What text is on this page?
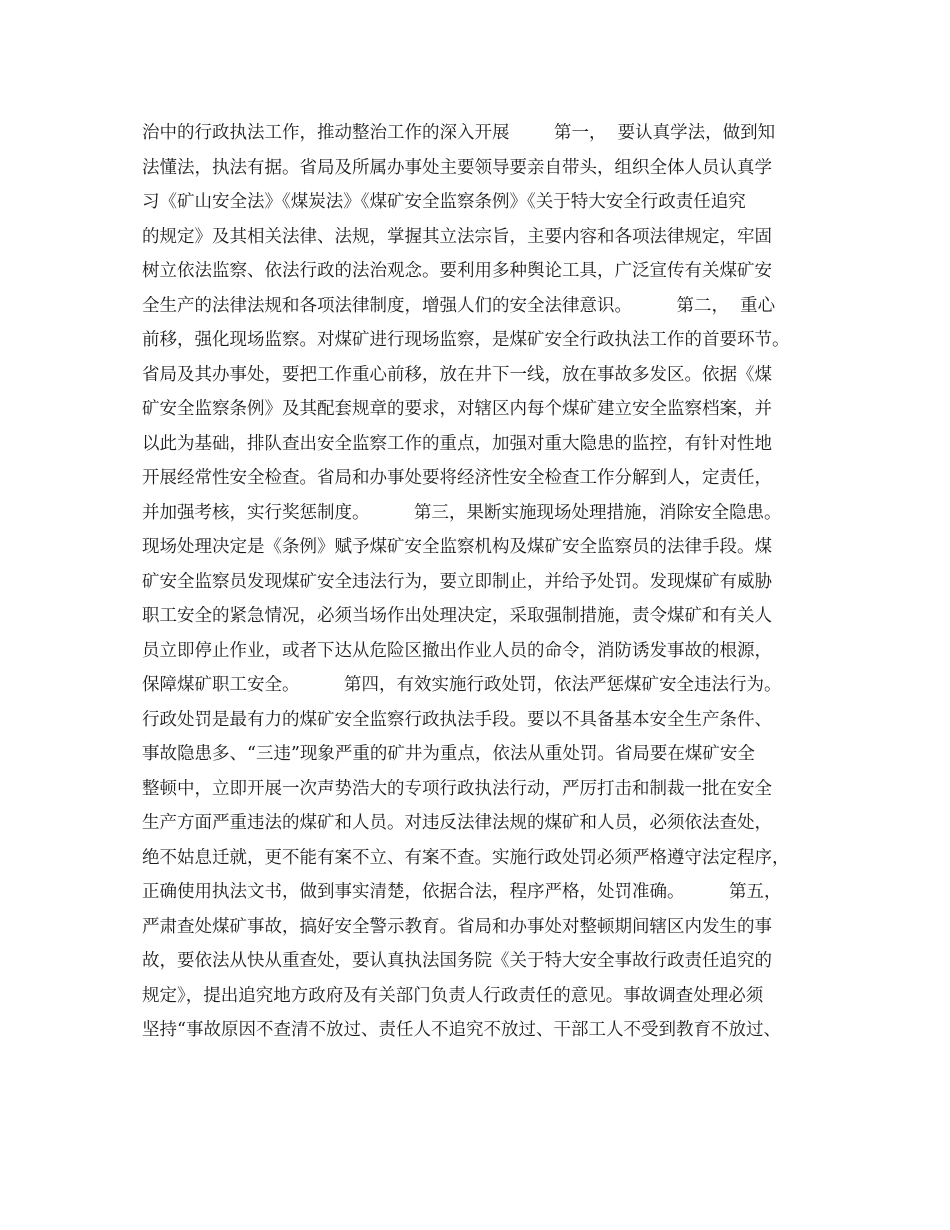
治中的行政执法工作，推动整治工作的深入开展        第一，  要认真学法，做到知
法懂法，执法有据。省局及所属办事处主要领导要亲自带头，组织全体人员认真学
习《矿山安全法》《煤炭法》《煤矿安全监察条例》《关于特大安全行政责任追究
的规定》及其相关法律、法规，掌握其立法宗旨，主要内容和各项法律规定，牢固
树立依法监察、依法行政的法治观念。要利用多种舆论工具，广泛宣传有关煤矿安
全生产的法律法规和各项法律制度，增强人们的安全法律意识。        第二，  重心
前移，强化现场监察。对煤矿进行现场监察，是煤矿安全行政执法工作的首要环节。
省局及其办事处，要把工作重心前移，放在井下一线，放在事故多发区。依据《煤
矿安全监察条例》及其配套规章的要求，对辖区内每个煤矿建立安全监察档案，并
以此为基础，排队查出安全监察工作的重点，加强对重大隐患的监控，有针对性地
开展经常性安全检查。省局和办事处要将经济性安全检查工作分解到人，定责任，
并加强考核，实行奖惩制度。        第三，果断实施现场处理措施，消除安全隐患。
现场处理决定是《条例》赋予煤矿安全监察机构及煤矿安全监察员的法律手段。煤
矿安全监察员发现煤矿安全违法行为，要立即制止，并给予处罚。发现煤矿有威胁
职工安全的紧急情况，必须当场作出处理决定，采取强制措施，责令煤矿和有关人
员立即停止作业，或者下达从危险区撤出作业人员的命令，消防诱发事故的根源，
保障煤矿职工安全。        第四，有效实施行政处罚，依法严惩煤矿安全违法行为。
行政处罚是最有力的煤矿安全监察行政执法手段。要以不具备基本安全生产条件、
事故隐患多、“三违”现象严重的矿井为重点，依法从重处罚。省局要在煤矿安全
整顿中，立即开展一次声势浩大的专项行政执法行动，严厉打击和制裁一批在安全
生产方面严重违法的煤矿和人员。对违反法律法规的煤矿和人员，必须依法查处，
绝不姑息迁就，更不能有案不立、有案不查。实施行政处罚必须严格遵守法定程序，
正确使用执法文书，做到事实清楚，依据合法，程序严格，处罚准确。        第五，
严肃查处煤矿事故，搞好安全警示教育。省局和办事处对整顿期间辖区内发生的事
故，要依法从快从重查处，要认真执法国务院《关于特大安全事故行政责任追究的
规定》，提出追究地方政府及有关部门负责人行政责任的意见。事故调查处理必须
坚持“事故原因不查清不放过、责任人不追究不放过、干部工人不受到教育不放过、
